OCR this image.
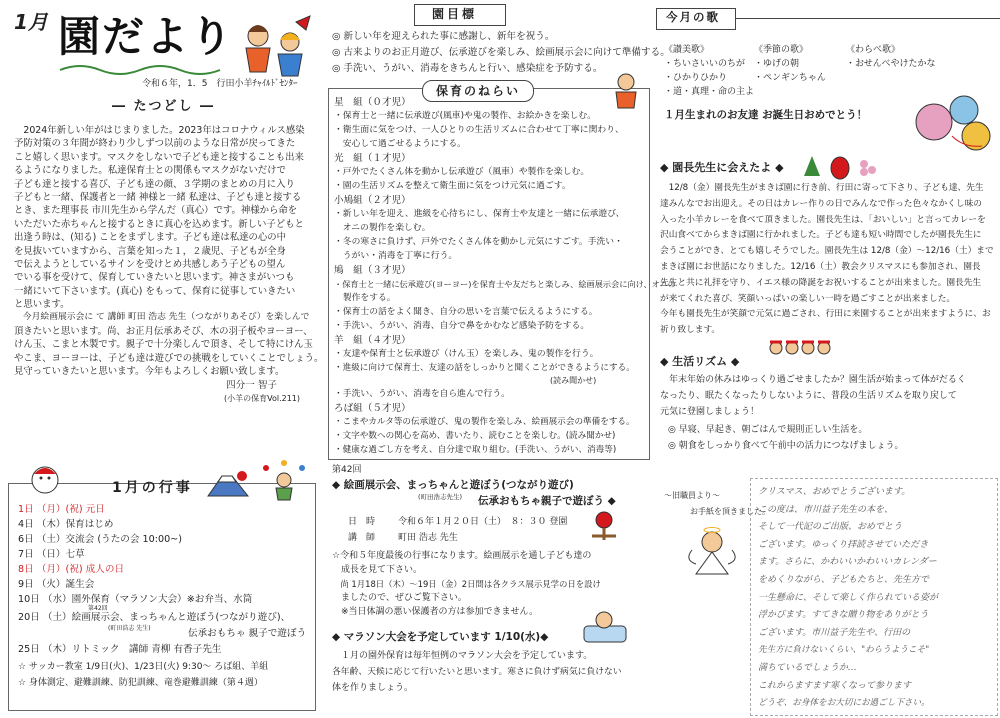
1月 園だより
令和６年，1．5　行田小羊ﾁｬｲﾙﾄﾞｾﾝﾀｰ
― たつどし ―
　2024年新しい年がはじまりました。2023年はコロナウィルス感染
予防対策の３年間が終わり少しずつ以前のような日常が戻ってきた
こと嬉しく思います。マスクをしないで子ども達と接することも出来
るようになりました。私達保育士との関係もマスクがないだけで
子ども達と接する喜び、子ども達の顔、３学期のまとめの月に入り
子どもと一緒、保護者と一緒 神様と一緒 私達は、子ども達と接する
とき、また理事長 市川先生から学んだ（真心）です。神様から命を
いただいた赤ちゃんと接するときに真心を込めます。新しい子どもと
出逢う時は、(知る) ことをまずします。子ども達は私達の心の中
を見抜いていますから、言葉を知った１，２歳児、子どもが全身
で伝えようとしているサインを受けとめ共感しあう子どもの望ん
でいる事を受けて、保育していきたいと思います。神さまがいつも
一緒にいて下さいます。(真心) をもって、保育に従事していきたい
と思います。
　今月絵画展示会に て 講師 町田 浩志 先生（つながりあそび）を楽しんで
頂きたいと思います。尚、お正月伝承あそび、木の羽子板やヨーヨー、
けん玉、こまと木製です。親子で十分楽しんで頂き、そして特にけん玉
やこま、ヨーヨーは、子ども達は遊びでの挑戦をしていくことでしょう。
見守っていきたいと思います。今年もよろしくお願い致します。
四分一 智子
(小羊の保育Vol.211)
1月の行事
1日 （月）(祝) 元日
4日 （木）保育はじめ
6日 （土）交流会 (うたの会 10:00~)
7日 （日）七草
8日 （月）(祝) 成人の日
9日 （火）誕生会
10日 （水）園外保育（マラソン大会）※お弁当、水筒
第42回
20日 （土）絵画展示会、まっちゃんと遊ぼう(つながり遊び)、
(町田浩志 先生)	伝承おもちゃ 親子で遊ぼう
25日 （木）リトミック　講師 青柳 有香子先生
☆ サッカー教室 1/9日(火)、1/23日(火) 9:30～ ろば組、羊組
☆ 身体測定、避難訓練、防犯訓練、竜巻避難訓練（第４週）
園目標
◎ 新しい年を迎えられた事に感謝し、新年を祝う。
◎ 古来よりのお正月遊び、伝承遊びを楽しみ、絵画展示会に向けて準備する。
◎ 手洗い、うがい、消毒をきちんと行い、感染症を予防する。
保育のねらい
星　組（０才児）
・保育士と一緒に伝承遊び(風車)や鬼の製作、お絵かきを楽しむ。
・衛生面に気をつけ、一人ひとりの生活リズムに合わせて丁寧に関わり、
　安心して過ごせるようにする。
光　組（１才児）
・戸外でたくさん体を動かし伝承遊び（風車）や製作を楽しむ。
・園の生活リズムを整えて衛生面に気をつけ元気に過ごす。
小鳩組（２才児）
・新しい年を迎え、進級を心待ちにし、保育士や友達と一緒に伝承遊び、
　オニの製作を楽しむ。
・冬の寒さに負けず、戸外でたくさん体を動かし元気にすごす。手洗い・
　うがい・消毒を丁寧に行う。
鳩　組（３才児）
・保育士と一緒に伝承遊び(ヨーヨー)を保育士や友だちと楽しみ、絵画展示会に向け、オニの
　製作をする。
・保育士の話をよく聞き、自分の思いを言葉で伝えるようにする。
・手洗い、うがい、消毒、自分で鼻をかむなど感染予防をする。
羊　組（４才児）
・友達や保育士と伝承遊び（けん玉）を楽しみ、鬼の製作を行う。
・進級に向けて保育士、友達の話をしっかりと聞くことができるようにする。
　　　　　　　　　　　　　　　　　　　　　　　　　　　(読み聞かせ)
・手洗い、うがい、消毒を自ら進んで行う。
ろば組（５才児）
・こまやカルタ等の伝承遊び、鬼の製作を楽しみ、絵画展示会の準備をする。
・文字や数への関心を高め、書いたり、読むことを楽しむ。(読み聞かせ)
・健康な過ごし方を考え、自分達で取り組む。(手洗い、うがい、消毒等)
第42回
◆ 絵画展示会、まっちゃんと遊ぼう(つながり遊び)
(町田浩志先生) 伝承おもちゃ親子で遊ぼう ◆
日　時	令和６年１月２０日（土）　８：３０ 登園
講　師	町田 浩志 先生
☆令和５年度最後の行事になります。絵画展示を通し子ども達の
　成長を見て下さい。
　尚 1月18日（木）～19日（金）2日間は各クラス展示見学の日を設け
　ましたので、ぜひご覧下さい。
　※当日体調の悪い保護者の方は参加できません。
◆ マラソン大会を予定しています 1/10(水)◆
　１月の園外保育は毎年恒例のマラソン大会を予定しています。
各年齢、天候に応じて行いたいと思います。寒さに負けず病気に負けない
体を作りましょう。
今月の歌
《讃美歌》
・ちいさいいのちが
・ひかりひかり
・道・真理・命の主よ
《季節の歌》
・ゆげの朝
・ペンギンちゃん
《わらべ歌》
・おせんべやけたかな
１月生まれのお友達 お誕生日おめでとう！
◆ 園長先生に会えたよ ◆
　12/8（金）園長先生がまきば園に行き前、行田に寄って下さり、子ども達、先生
達みんなでお出迎え。その日はカレー作りの日でみんなで作った色々なかくし味の
入った小羊カレーを食べて頂きました。園長先生は、「おいしい」と言ってカレーを
沢山食べてからまきば園に行かれました。子ども達も短い時間でしたが園長先生に
会うことができ、とても嬉しそうでした。園長先生は 12/8（金）～12/16（土）まで
まきば園にお世話になりました。12/16（土）教会クリスマスにも参加され、園長
先生と共に礼拝を守り、イエス様の降誕をお祝いすることが出来ました。園長先生
が来てくれた喜び、笑顔いっぱいの楽しい一時を過ごすことが出来ました。
今年も園長先生が笑顔で元気に過ごされ、行田に来園することが出来ますように、お
祈り致します。
◆ 生活リズム ◆
　年末年始の休みはゆっくり過ごせましたか？園生活が始まって体がだるく
なったり、眠たくなったりしないように、普段の生活リズムを取り戻して
元気に登園しましょう！
◎ 早寝、早起き、朝ごはんで規則正しい生活を。
◎ 朝食をしっかり食べて午前中の活力につなげましょう。
～旧職員より～
お手紙を頂きました。
クリスマス、おめでとうございます。
この度は、市川益子先生の本を、
そして一代記のご出版、おめでとう
ございます。ゆっくり拝読させていただき
ます。さらに、かわいいかわいいカレンダー
をめくりながら、子どもたちと、先生方で
一生懸命に、そして楽しく作られている姿が
浮かびます。すてきな贈り物をありがとう
ございます。市川益子先生や、行田の
先生方に負けないくらい、"わらうようこそ"
満ちているでしょうか…
これからますます寒くなって参ります
どうぞ、お身体をお大切にお過ごし下さい。
